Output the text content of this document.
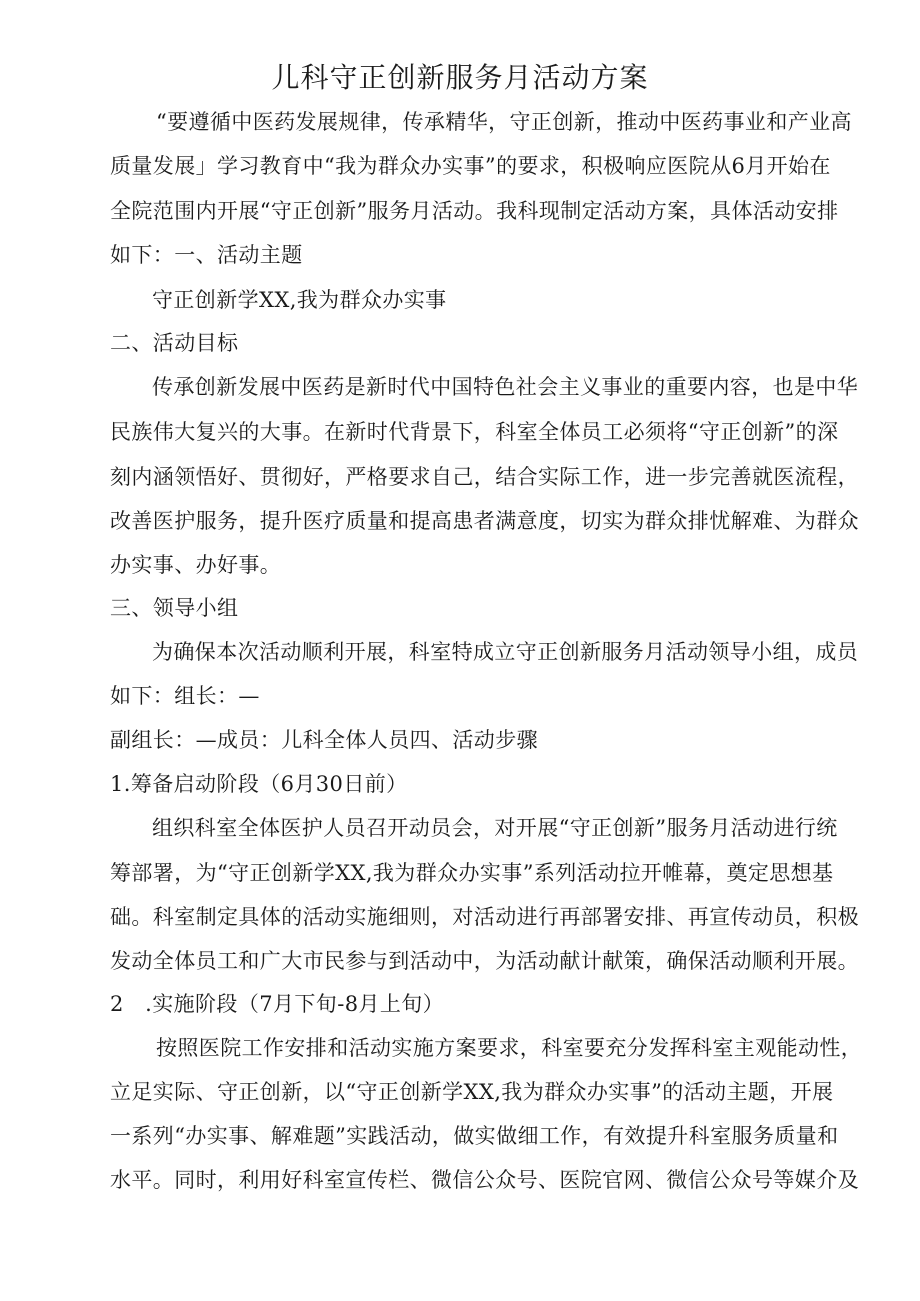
儿科守正创新服务月活动方案
“要遵循中医药发展规律，传承精华，守正创新，推动中医药事业和产业高
质量发展」学习教育中“我为群众办实事”的要求，积极响应医院从6月开始在
全院范围内开展“守正创新”服务月活动。我科现制定活动方案，具体活动安排
如下：一、活动主题
守正创新学XX,我为群众办实事
二、活动目标
传承创新发展中医药是新时代中国特色社会主义事业的重要内容，也是中华
民族伟大复兴的大事。在新时代背景下，科室全体员工必须将“守正创新”的深
刻内涵领悟好、贯彻好，严格要求自己，结合实际工作，进一步完善就医流程，
改善医护服务，提升医疗质量和提高患者满意度，切实为群众排忧解难、为群众
办实事、办好事。
三、领导小组
为确保本次活动顺利开展，科室特成立守正创新服务月活动领导小组，成员
如下：组长：—
副组长：—成员：儿科全体人员四、活动步骤
1.筹备启动阶段（6月30日前）
组织科室全体医护人员召开动员会，对开展“守正创新”服务月活动进行统
筹部署，为“守正创新学XX,我为群众办实事”系列活动拉开帷幕，奠定思想基
础。科室制定具体的活动实施细则，对活动进行再部署安排、再宣传动员，积极
发动全体员工和广大市民参与到活动中，为活动献计献策，确保活动顺利开展。
2　.实施阶段（7月下旬-8月上旬）
按照医院工作安排和活动实施方案要求，科室要充分发挥科室主观能动性，
立足实际、守正创新，以“守正创新学XX,我为群众办实事”的活动主题，开展
一系列“办实事、解难题”实践活动，做实做细工作，有效提升科室服务质量和
水平。同时，利用好科室宣传栏、微信公众号、医院官网、微信公众号等媒介及
